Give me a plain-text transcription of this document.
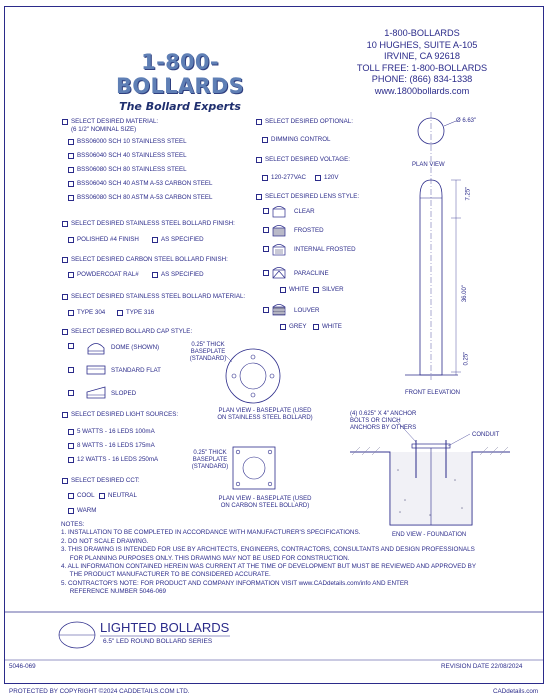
1-800-BOLLARDS
The Bollard Experts
1-800-BOLLARDS
10 HUGHES, SUITE A-105
IRVINE, CA 92618
TOLL FREE: 1-800-BOLLARDS
PHONE: (866) 834-1338
www.1800bollards.com
SELECT DESIRED MATERIAL:
(6 1/2" NOMINAL SIZE)
BSS06000 SCH 10 STAINLESS STEEL
BSS06040 SCH 40 STAINLESS STEEL
BSS06080 SCH 80 STAINLESS STEEL
BSS06040 SCH 40 ASTM A-53 CARBON STEEL
BSS06080 SCH 80 ASTM A-53 CARBON STEEL
SELECT DESIRED STAINLESS STEEL BOLLARD FINISH:
POLISHED #4 FINISH	AS SPECIFIED
SELECT DESIRED CARBON STEEL BOLLARD FINISH:
POWDERCOAT RAL#	AS SPECIFIED
SELECT DESIRED STAINLESS STEEL BOLLARD MATERIAL:
TYPE 304	TYPE 316
SELECT DESIRED BOLLARD CAP STYLE:
DOME (SHOWN)
STANDARD FLAT
SLOPED
SELECT DESIRED LIGHT SOURCES:
5 WATTS - 16 LEDS 100mA
8 WATTS - 16 LEDS 175mA
12 WATTS - 16 LEDS 250mA
SELECT DESIRED CCT:
COOL	NEUTRAL
WARM
SELECT DESIRED OPTIONAL:
DIMMING CONTROL
SELECT DESIRED VOLTAGE:
120-277VAC	120V
SELECT DESIRED LENS STYLE:
CLEAR
FROSTED
INTERNAL FROSTED
PARACLINE
WHITE	SILVER
LOUVER
GREY	WHITE
0.25" THICK BASEPLATE (STANDARD)
0.25" THICK BASEPLATE (STANDARD)
PLAN VIEW - BASEPLATE (USED ON STAINLESS STEEL BOLLARD)
PLAN VIEW - BASEPLATE (USED ON CARBON STEEL BOLLARD)
Ø 6.63"
PLAN VIEW
7.25"
36.00"
0.25"
FRONT ELEVATION
(4) 0.625" X 4" ANCHOR BOLTS OR CINCH ANCHORS BY OTHERS
CONDUIT
END VIEW - FOUNDATION
NOTES:
1. INSTALLATION TO BE COMPLETED IN ACCORDANCE WITH MANUFACTURER'S SPECIFICATIONS.
2. DO NOT SCALE DRAWING.
3. THIS DRAWING IS INTENDED FOR USE BY ARCHITECTS, ENGINEERS, CONTRACTORS, CONSULTANTS AND DESIGN PROFESSIONALS
FOR PLANNING PURPOSES ONLY. THIS DRAWING MAY NOT BE USED FOR CONSTRUCTION.
4. ALL INFORMATION CONTAINED HEREIN WAS CURRENT AT THE TIME OF DEVELOPMENT BUT MUST BE REVIEWED AND APPROVED BY
THE PRODUCT MANUFACTURER TO BE CONSIDERED ACCURATE.
5. CONTRACTOR'S NOTE: FOR PRODUCT AND COMPANY INFORMATION VISIT www.CADdetails.com/info AND ENTER
REFERENCE NUMBER 5046-069
LIGHTED BOLLARDS
6.5" LED ROUND BOLLARD SERIES
5046-069	REVISION DATE 22/08/2024
PROTECTED BY COPYRIGHT ©2024 CADDETAILS.COM LTD.	CADdetails.com
